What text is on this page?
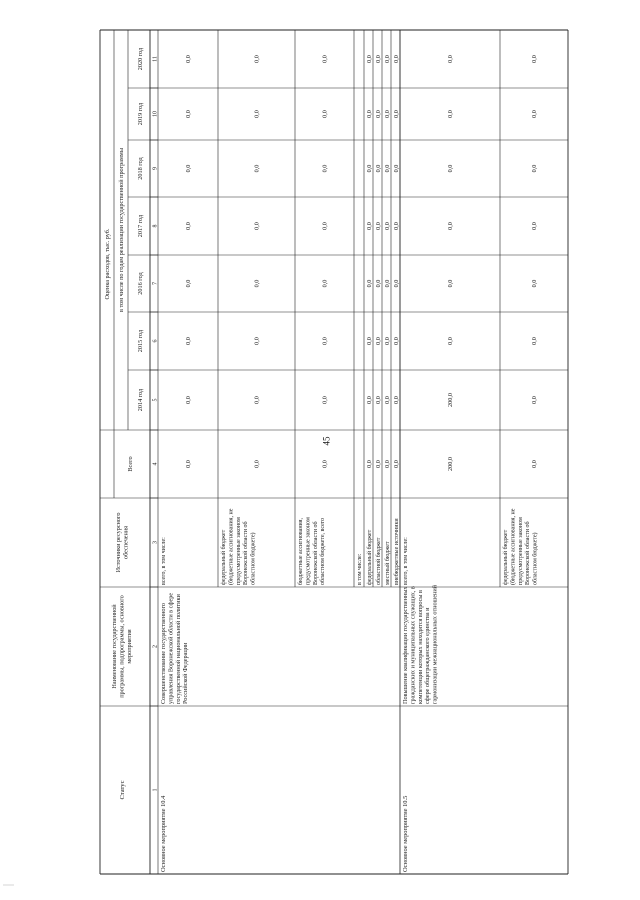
45
Статус
Наименование государственной программы, подпрограммы, основного мероприятия
Источники ресурсного обеспечения
Оценка расходов, тыс. руб.
Всего
в том числе по годам реализации государственной программы
2014 год
2015 год
2016 год
2017 год
2018 год
2019 год
2020 год
1
2
3
4
5
6
7
8
9
10
11
Основное мероприятие 10.4
Совершенствование государственного управления Воронежской области в сфере государственной национальной политики Российской Федерации
Основное мероприятие 10.5
Повышение квалификации государственных гражданских и муниципальных служащих, в компетенции которых находятся вопросы в сфере общегражданского единства и гармонизации межнациональных отношений
всего, в том числе:
0,0
0,0
0,0
0,0
0,0
0,0
0,0
0,0
федеральный бюджет (бюджетные ассигнования, не предусмотренные законом Воронежской области об областном бюджете)
0,0
0,0
0,0
0,0
0,0
0,0
0,0
0,0
бюджетные ассигнования, предусмотренные законом Воронежской области об областном бюджете, всего
0,0
0,0
0,0
0,0
0,0
0,0
0,0
0,0
в том числе: федеральный бюджет
0,0
0,0
0,0
0,0
0,0
0,0
0,0
0,0
областной бюджет
0,0
0,0
0,0
0,0
0,0
0,0
0,0
0,0
местный бюджет
0,0
0,0
0,0
0,0
0,0
0,0
0,0
0,0
внебюджетные источники
0,0
0,0
0,0
0,0
0,0
0,0
0,0
0,0
всего, в том числе:
200,0
200,0
0,0
0,0
0,0
0,0
0,0
0,0
федеральный бюджет (бюджетные ассигнования, не предусмотренные законом Воронежской области об областном бюджете)
0,0
0,0
0,0
0,0
0,0
0,0
0,0
0,0
